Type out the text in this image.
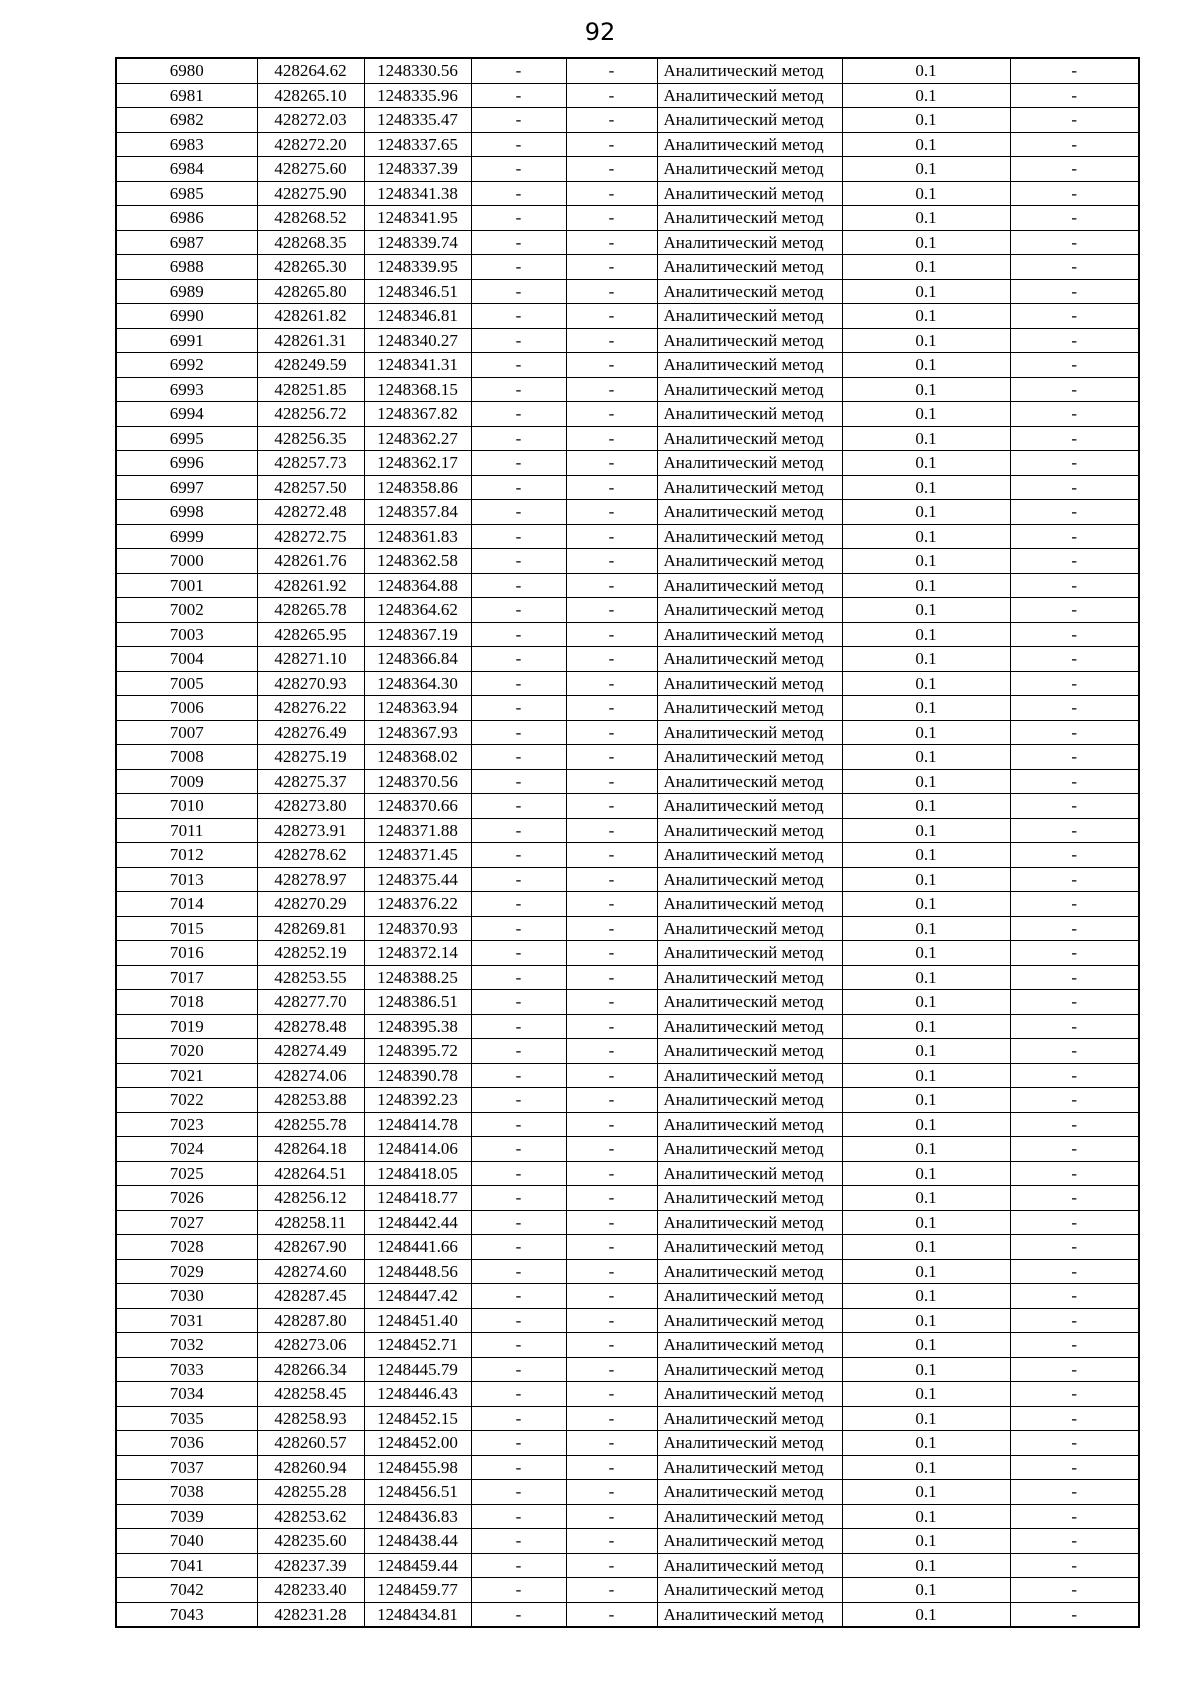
92
6980	428264.62	1248330.56	-	-	Аналитический метод	0.1	-
6981	428265.10	1248335.96	-	-	Аналитический метод	0.1	-
6982	428272.03	1248335.47	-	-	Аналитический метод	0.1	-
6983	428272.20	1248337.65	-	-	Аналитический метод	0.1	-
6984	428275.60	1248337.39	-	-	Аналитический метод	0.1	-
6985	428275.90	1248341.38	-	-	Аналитический метод	0.1	-
6986	428268.52	1248341.95	-	-	Аналитический метод	0.1	-
6987	428268.35	1248339.74	-	-	Аналитический метод	0.1	-
6988	428265.30	1248339.95	-	-	Аналитический метод	0.1	-
6989	428265.80	1248346.51	-	-	Аналитический метод	0.1	-
6990	428261.82	1248346.81	-	-	Аналитический метод	0.1	-
6991	428261.31	1248340.27	-	-	Аналитический метод	0.1	-
6992	428249.59	1248341.31	-	-	Аналитический метод	0.1	-
6993	428251.85	1248368.15	-	-	Аналитический метод	0.1	-
6994	428256.72	1248367.82	-	-	Аналитический метод	0.1	-
6995	428256.35	1248362.27	-	-	Аналитический метод	0.1	-
6996	428257.73	1248362.17	-	-	Аналитический метод	0.1	-
6997	428257.50	1248358.86	-	-	Аналитический метод	0.1	-
6998	428272.48	1248357.84	-	-	Аналитический метод	0.1	-
6999	428272.75	1248361.83	-	-	Аналитический метод	0.1	-
7000	428261.76	1248362.58	-	-	Аналитический метод	0.1	-
7001	428261.92	1248364.88	-	-	Аналитический метод	0.1	-
7002	428265.78	1248364.62	-	-	Аналитический метод	0.1	-
7003	428265.95	1248367.19	-	-	Аналитический метод	0.1	-
7004	428271.10	1248366.84	-	-	Аналитический метод	0.1	-
7005	428270.93	1248364.30	-	-	Аналитический метод	0.1	-
7006	428276.22	1248363.94	-	-	Аналитический метод	0.1	-
7007	428276.49	1248367.93	-	-	Аналитический метод	0.1	-
7008	428275.19	1248368.02	-	-	Аналитический метод	0.1	-
7009	428275.37	1248370.56	-	-	Аналитический метод	0.1	-
7010	428273.80	1248370.66	-	-	Аналитический метод	0.1	-
7011	428273.91	1248371.88	-	-	Аналитический метод	0.1	-
7012	428278.62	1248371.45	-	-	Аналитический метод	0.1	-
7013	428278.97	1248375.44	-	-	Аналитический метод	0.1	-
7014	428270.29	1248376.22	-	-	Аналитический метод	0.1	-
7015	428269.81	1248370.93	-	-	Аналитический метод	0.1	-
7016	428252.19	1248372.14	-	-	Аналитический метод	0.1	-
7017	428253.55	1248388.25	-	-	Аналитический метод	0.1	-
7018	428277.70	1248386.51	-	-	Аналитический метод	0.1	-
7019	428278.48	1248395.38	-	-	Аналитический метод	0.1	-
7020	428274.49	1248395.72	-	-	Аналитический метод	0.1	-
7021	428274.06	1248390.78	-	-	Аналитический метод	0.1	-
7022	428253.88	1248392.23	-	-	Аналитический метод	0.1	-
7023	428255.78	1248414.78	-	-	Аналитический метод	0.1	-
7024	428264.18	1248414.06	-	-	Аналитический метод	0.1	-
7025	428264.51	1248418.05	-	-	Аналитический метод	0.1	-
7026	428256.12	1248418.77	-	-	Аналитический метод	0.1	-
7027	428258.11	1248442.44	-	-	Аналитический метод	0.1	-
7028	428267.90	1248441.66	-	-	Аналитический метод	0.1	-
7029	428274.60	1248448.56	-	-	Аналитический метод	0.1	-
7030	428287.45	1248447.42	-	-	Аналитический метод	0.1	-
7031	428287.80	1248451.40	-	-	Аналитический метод	0.1	-
7032	428273.06	1248452.71	-	-	Аналитический метод	0.1	-
7033	428266.34	1248445.79	-	-	Аналитический метод	0.1	-
7034	428258.45	1248446.43	-	-	Аналитический метод	0.1	-
7035	428258.93	1248452.15	-	-	Аналитический метод	0.1	-
7036	428260.57	1248452.00	-	-	Аналитический метод	0.1	-
7037	428260.94	1248455.98	-	-	Аналитический метод	0.1	-
7038	428255.28	1248456.51	-	-	Аналитический метод	0.1	-
7039	428253.62	1248436.83	-	-	Аналитический метод	0.1	-
7040	428235.60	1248438.44	-	-	Аналитический метод	0.1	-
7041	428237.39	1248459.44	-	-	Аналитический метод	0.1	-
7042	428233.40	1248459.77	-	-	Аналитический метод	0.1	-
7043	428231.28	1248434.81	-	-	Аналитический метод	0.1	-
